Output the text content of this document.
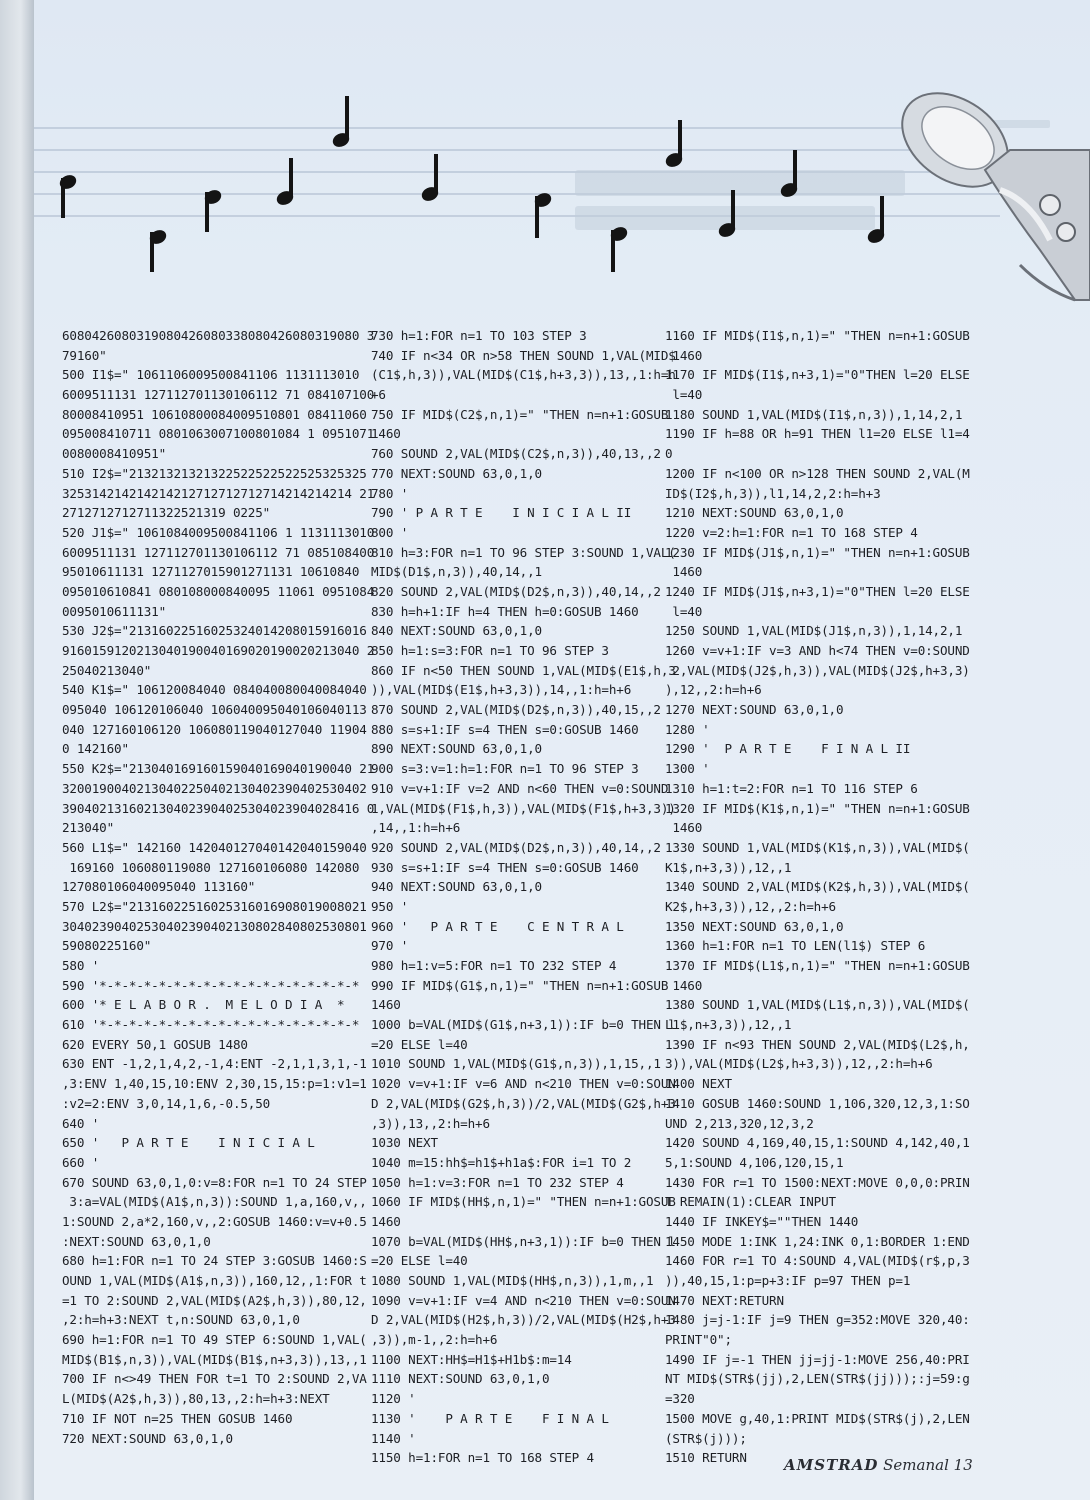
6080426080319080426080338080426080319080 3
79160"
500 I1$=" 1061106009500841106 1131113010
6009511131 127112701130106112 71 084107100
80008410951 10610800084009510801 08411060
095008410711 0801063007100801084 1 0951071
0080008410951"
510 I2$="21321321321322522522522525325325
325314214214214212712712712714214214214 21
2712712712711322521319 0225"
520 J1$=" 1061084009500841106 1 1131113010
6009511131 127112701130106112 71 085108400
95010611131 1271127015901271131 10610840
095010610841 080108000840095 11061 0951084
0095010611131"
530 J2$="21316022516025324014208015916016
9160159120213040190040169020190020213040 2
25040213040"
540 K1$=" 106120084040 084040080040084040
095040 106120106040 106040095040106040113
040 127160106120 106080119040127040 11904
0 142160"
550 K2$="213040169160159040169040190040 21
32001900402130402250402130402390402530402
3904021316021304023904025304023904028416 0
213040"
560 L1$=" 142160 142040127040142040159040
169160 106080119080 127160106080 142080
127080106040095040 113160"
570 L2$="21316022516025316016908019008021
30402390402530402390402130802840802530801
59080225160"
580 '
590 '*-*-*-*-*-*-*-*-*-*-*-*-*-*-*-*-*-*
600 '* E L A B O R .  M E L O D I A  *
610 '*-*-*-*-*-*-*-*-*-*-*-*-*-*-*-*-*-*
620 EVERY 50,1 GOSUB 1480
630 ENT -1,2,1,4,2,-1,4:ENT -2,1,1,3,1,-1
,3:ENV 1,40,15,10:ENV 2,30,15,15:p=1:v1=1
:v2=2:ENV 3,0,14,1,6,-0.5,50
640 '
650 '   P A R T E    I N I C I A L
660 '
670 SOUND 63,0,1,0:v=8:FOR n=1 TO 24 STEP
3:a=VAL(MID$(A1$,n,3)):SOUND 1,a,160,v,,
1:SOUND 2,a*2,160,v,,2:GOSUB 1460:v=v+0.5
:NEXT:SOUND 63,0,1,0
680 h=1:FOR n=1 TO 24 STEP 3:GOSUB 1460:S
OUND 1,VAL(MID$(A1$,n,3)),160,12,,1:FOR t
=1 TO 2:SOUND 2,VAL(MID$(A2$,h,3)),80,12,
,2:h=h+3:NEXT t,n:SOUND 63,0,1,0
690 h=1:FOR n=1 TO 49 STEP 6:SOUND 1,VAL(
MID$(B1$,n,3)),VAL(MID$(B1$,n+3,3)),13,,1
700 IF n<>49 THEN FOR t=1 TO 2:SOUND 2,VA
L(MID$(A2$,h,3)),80,13,,2:h=h+3:NEXT
710 IF NOT n=25 THEN GOSUB 1460
720 NEXT:SOUND 63,0,1,0
730 h=1:FOR n=1 TO 103 STEP 3
740 IF n<34 OR n>58 THEN SOUND 1,VAL(MID$
(C1$,h,3)),VAL(MID$(C1$,h+3,3)),13,,1:h=h
+6
750 IF MID$(C2$,n,1)=" "THEN n=n+1:GOSUB
1460
760 SOUND 2,VAL(MID$(C2$,n,3)),40,13,,2
770 NEXT:SOUND 63,0,1,0
780 '
790 ' P A R T E    I N I C I A L II
800 '
810 h=3:FOR n=1 TO 96 STEP 3:SOUND 1,VAL(
MID$(D1$,n,3)),40,14,,1
820 SOUND 2,VAL(MID$(D2$,n,3)),40,14,,2
830 h=h+1:IF h=4 THEN h=0:GOSUB 1460
840 NEXT:SOUND 63,0,1,0
850 h=1:s=3:FOR n=1 TO 96 STEP 3
860 IF n<50 THEN SOUND 1,VAL(MID$(E1$,h,3
)),VAL(MID$(E1$,h+3,3)),14,,1:h=h+6
870 SOUND 2,VAL(MID$(D2$,n,3)),40,15,,2
880 s=s+1:IF s=4 THEN s=0:GOSUB 1460
890 NEXT:SOUND 63,0,1,0
900 s=3:v=1:h=1:FOR n=1 TO 96 STEP 3
910 v=v+1:IF v=2 AND n<60 THEN v=0:SOUND
1,VAL(MID$(F1$,h,3)),VAL(MID$(F1$,h+3,3))
,14,,1:h=h+6
920 SOUND 2,VAL(MID$(D2$,n,3)),40,14,,2
930 s=s+1:IF s=4 THEN s=0:GOSUB 1460
940 NEXT:SOUND 63,0,1,0
950 '
960 '   P A R T E    C E N T R A L
970 '
980 h=1:v=5:FOR n=1 TO 232 STEP 4
990 IF MID$(G1$,n,1)=" "THEN n=n+1:GOSUB
1460
1000 b=VAL(MID$(G1$,n+3,1)):IF b=0 THEN l
=20 ELSE l=40
1010 SOUND 1,VAL(MID$(G1$,n,3)),1,15,,1
1020 v=v+1:IF v=6 AND n<210 THEN v=0:SOUN
D 2,VAL(MID$(G2$,h,3))/2,VAL(MID$(G2$,h+3
,3)),13,,2:h=h+6
1030 NEXT
1040 m=15:hh$=h1$+h1a$:FOR i=1 TO 2
1050 h=1:v=3:FOR n=1 TO 232 STEP 4
1060 IF MID$(HH$,n,1)=" "THEN n=n+1:GOSUB
1460
1070 b=VAL(MID$(HH$,n+3,1)):IF b=0 THEN l
=20 ELSE l=40
1080 SOUND 1,VAL(MID$(HH$,n,3)),1,m,,1
1090 v=v+1:IF v=4 AND n<210 THEN v=0:SOUN
D 2,VAL(MID$(H2$,h,3))/2,VAL(MID$(H2$,h+3
,3)),m-1,,2:h=h+6
1100 NEXT:HH$=H1$+H1b$:m=14
1110 NEXT:SOUND 63,0,1,0
1120 '
1130 '    P A R T E    F I N A L
1140 '
1150 h=1:FOR n=1 TO 168 STEP 4
1160 IF MID$(I1$,n,1)=" "THEN n=n+1:GOSUB
1460
1170 IF MID$(I1$,n+3,1)="0"THEN l=20 ELSE
l=40
1180 SOUND 1,VAL(MID$(I1$,n,3)),1,14,2,1
1190 IF h=88 OR h=91 THEN l1=20 ELSE l1=4
0
1200 IF n<100 OR n>128 THEN SOUND 2,VAL(M
ID$(I2$,h,3)),l1,14,2,2:h=h+3
1210 NEXT:SOUND 63,0,1,0
1220 v=2:h=1:FOR n=1 TO 168 STEP 4
1230 IF MID$(J1$,n,1)=" "THEN n=n+1:GOSUB
1460
1240 IF MID$(J1$,n+3,1)="0"THEN l=20 ELSE
l=40
1250 SOUND 1,VAL(MID$(J1$,n,3)),1,14,2,1
1260 v=v+1:IF v=3 AND h<74 THEN v=0:SOUND
2,VAL(MID$(J2$,h,3)),VAL(MID$(J2$,h+3,3)
),12,,2:h=h+6
1270 NEXT:SOUND 63,0,1,0
1280 '
1290 '  P A R T E    F I N A L II
1300 '
1310 h=1:t=2:FOR n=1 TO 116 STEP 6
1320 IF MID$(K1$,n,1)=" "THEN n=n+1:GOSUB
1460
1330 SOUND 1,VAL(MID$(K1$,n,3)),VAL(MID$(
K1$,n+3,3)),12,,1
1340 SOUND 2,VAL(MID$(K2$,h,3)),VAL(MID$(
K2$,h+3,3)),12,,2:h=h+6
1350 NEXT:SOUND 63,0,1,0
1360 h=1:FOR n=1 TO LEN(l1$) STEP 6
1370 IF MID$(L1$,n,1)=" "THEN n=n+1:GOSUB
1460
1380 SOUND 1,VAL(MID$(L1$,n,3)),VAL(MID$(
L1$,n+3,3)),12,,1
1390 IF n<93 THEN SOUND 2,VAL(MID$(L2$,h,
3)),VAL(MID$(L2$,h+3,3)),12,,2:h=h+6
1400 NEXT
1410 GOSUB 1460:SOUND 1,106,320,12,3,1:SO
UND 2,213,320,12,3,2
1420 SOUND 4,169,40,15,1:SOUND 4,142,40,1
5,1:SOUND 4,106,120,15,1
1430 FOR r=1 TO 1500:NEXT:MOVE 0,0,0:PRIN
T REMAIN(1):CLEAR INPUT
1440 IF INKEY$=""THEN 1440
1450 MODE 1:INK 1,24:INK 0,1:BORDER 1:END
1460 FOR r=1 TO 4:SOUND 4,VAL(MID$(r$,p,3
)),40,15,1:p=p+3:IF p=97 THEN p=1
1470 NEXT:RETURN
1480 j=j-1:IF j=9 THEN g=352:MOVE 320,40:
PRINT"0";
1490 IF j=-1 THEN jj=jj-1:MOVE 256,40:PRI
NT MID$(STR$(jj),2,LEN(STR$(jj)));:j=59:g
=320
1500 MOVE g,40,1:PRINT MID$(STR$(j),2,LEN
(STR$(j)));
1510 RETURN	AMSTRAD Semanal 13
